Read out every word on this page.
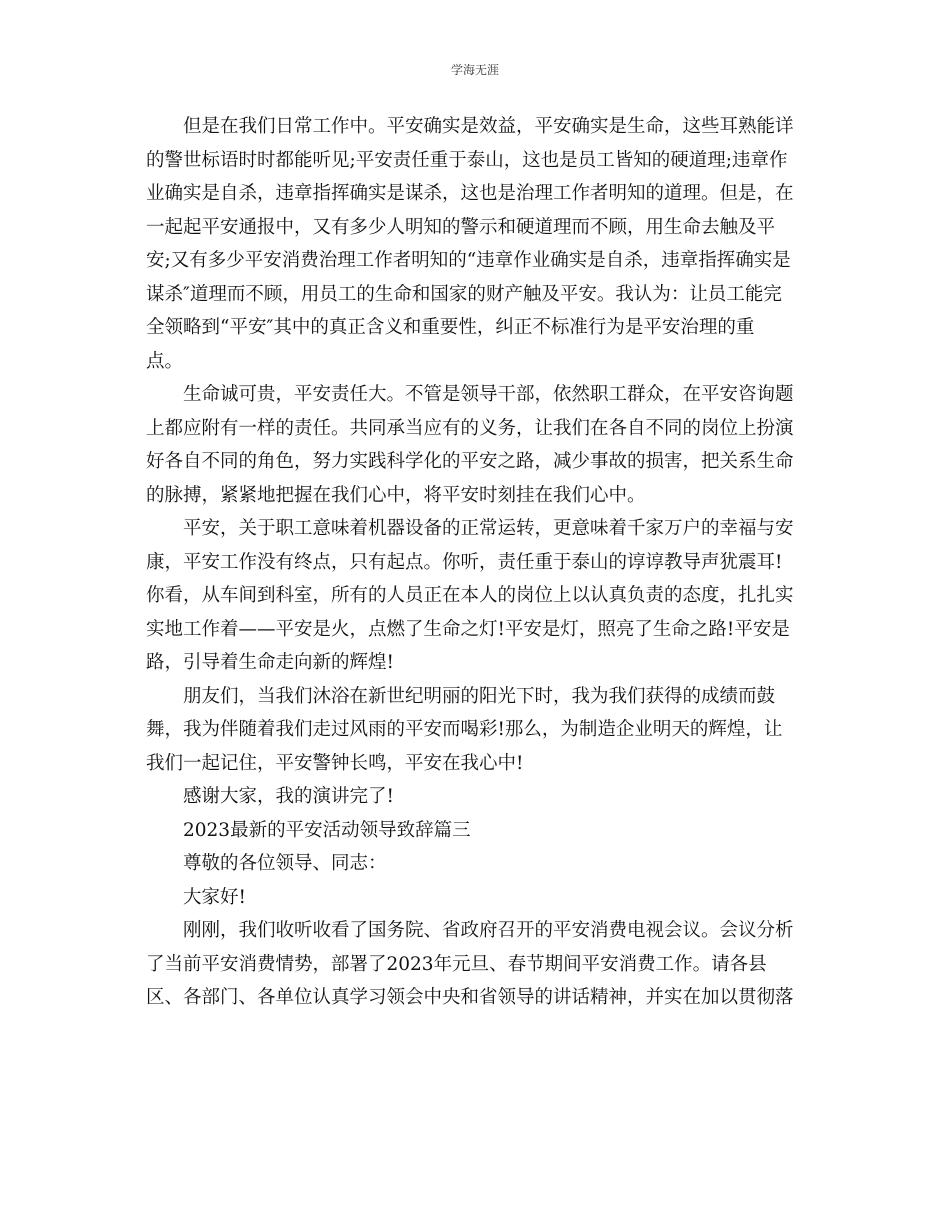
学海无涯
但是在我们日常工作中。平安确实是效益，平安确实是生命，这些耳熟能详
的警世标语时时都能听见;平安责任重于泰山，这也是员工皆知的硬道理;违章作
业确实是自杀，违章指挥确实是谋杀，这也是治理工作者明知的道理。但是，在
一起起平安通报中，又有多少人明知的警示和硬道理而不顾，用生命去触及平
安;又有多少平安消费治理工作者明知的“违章作业确实是自杀，违章指挥确实是
谋杀″道理而不顾，用员工的生命和国家的财产触及平安。我认为：让员工能完
全领略到“平安″其中的真正含义和重要性，纠正不标准行为是平安治理的重
点。
生命诚可贵，平安责任大。不管是领导干部，依然职工群众，在平安咨询题
上都应附有一样的责任。共同承当应有的义务，让我们在各自不同的岗位上扮演
好各自不同的角色，努力实践科学化的平安之路，减少事故的损害，把关系生命
的脉搏，紧紧地把握在我们心中，将平安时刻挂在我们心中。
平安，关于职工意味着机器设备的正常运转，更意味着千家万户的幸福与安
康，平安工作没有终点，只有起点。你听，责任重于泰山的谆谆教导声犹震耳!
你看，从车间到科室，所有的人员正在本人的岗位上以认真负责的态度，扎扎实
实地工作着——平安是火，点燃了生命之灯!平安是灯，照亮了生命之路!平安是
路，引导着生命走向新的辉煌!
朋友们，当我们沐浴在新世纪明丽的阳光下时，我为我们获得的成绩而鼓
舞，我为伴随着我们走过风雨的平安而喝彩!那么，为制造企业明天的辉煌，让
我们一起记住，平安警钟长鸣，平安在我心中!
感谢大家，我的演讲完了!
2023最新的平安活动领导致辞篇三
尊敬的各位领导、同志：
大家好!
刚刚，我们收听收看了国务院、省政府召开的平安消费电视会议。会议分析
了当前平安消费情势，部署了2023年元旦、春节期间平安消费工作。请各县
区、各部门、各单位认真学习领会中央和省领导的讲话精神，并实在加以贯彻落
